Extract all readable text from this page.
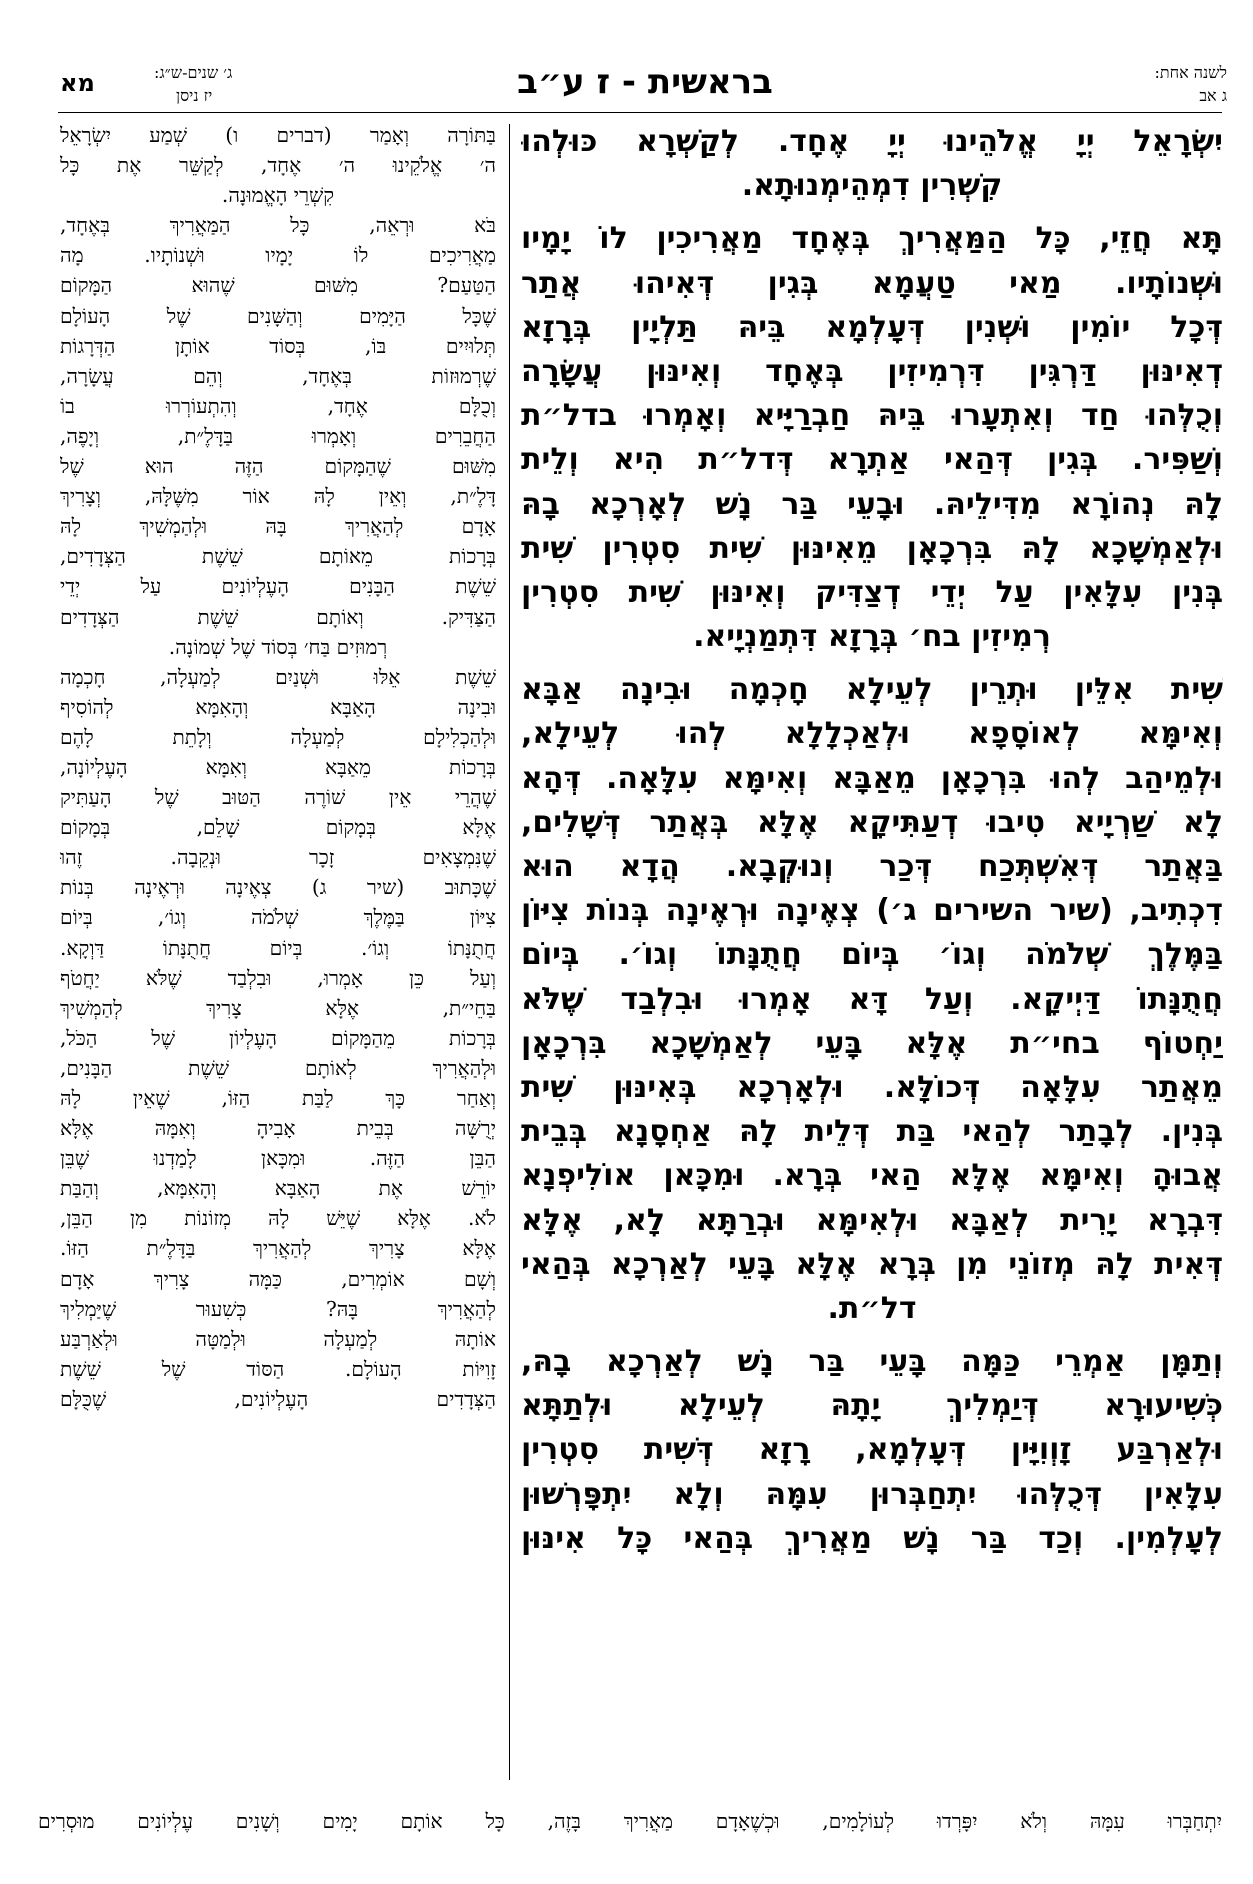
לשנה אחת:
ג אב
בראשית - ז ע״ב
ג׳ שנים-ש״ג:
יז ניסן
מא
יִשְׂרָאֵל יְיָ אֱלֹהֵינוּ יְיָ אֶחָד. לְקַשְׁרָא כּוּלְהוּ
קִשְׁרִין דִמְהֵימְנוּתָא.
תָּא חֲזֵי, כָּל הַמַּאֲרִיךְ בְּאֶחָד מַאֲרִיכִין לוֹ יָמָיו
וּשְׁנוֹתָיו. מַאי טַעֲמָא בְּגִין דְּאִיהוּ אֲתַר
דְּכָל יוֹמִין וּשְׁנִין דְּעָלְמָא בֵּיהּ תַּלְיָין בְּרָזָא
דְאִינּוּן דַּרְגִּין דִּרְמִיזִין בְּאֶחָד וְאִינּוּן עֲשָׂרָה
וְכֻלְּהוּ חַד וְאִתְעָרוּ בֵּיהּ חַבְרַיָּיא וְאָמְרוּ בדל״ת
וְשַׁפִּיר. בְּגִין דְּהַאי אַתְרָא דְּדל״ת הִיא וְלֵית
לָהּ נְהוֹרָא מִדִּילֵיהּ. וּבָעֵי בַּר נָשׁ לְאָרְכָא בָהּ
וּלְאַמְשָׁכָא לָהּ בִּרְכָאָן מֵאִינּוּן שִׁית סִטְרִין שִׁית
בְּנִין עִלָּאִין עַל יְדֵי דְצַדִּיק וְאִינּוּן שִׁית סִטְרִין
רְמִיזִין בח׳ בְּרָזָא דִּתְמַנְיָיא.
שִׁית אִלֵּין וּתְרֵין לְעֵילָא חָכְמָה וּבִינָה אַבָּא
וְאִימָּא לְאוֹסָפָא וּלְאַכְלָלָא לְהוּ לְעֵילָא,
וּלְמֵיהַב לְהוּ בִּרְכָאָן מֵאַבָּא וְאִימָּא עִלָּאָה. דְּהָא
לָא שַׁרְיָיא טִיבוּ דְעַתִּיקָא אֶלָּא בְּאֲתַר דְּשָׁלִים,
בַּאֲתַר דְּאִשְׁתְּכַח דְּכַר וְנוּקְבָא. הֲדָא הוּא
דִכְתִיב, (שיר השירים ג׳) צְאֶינָה וּרְאֶינָה בְּנוֹת צִיּוֹן
בַּמֶּלֶךְ שְׁלֹמֹה וְגוֹ׳ בְּיוֹם חֲתֻנָּתוֹ וְגוֹ׳. בְּיוֹם
חֲתֻנָּתוֹ דַּיְיקָא. וְעַל דָּא אָמְרוּ וּבִלְבַד שֶׁלֹּא
יַחְטוֹף בחי״ת אֶלָּא בָּעֵי לְאַמְשָׁכָא בִּרְכָאָן
מֵאֲתַר עִלָּאָה דְּכוֹלָּא. וּלְאָרְכָא בְּאִינּוּן שִׁית
בְּנִין. לְבָתַר לְהַאי בַּת דְּלֵית לָהּ אַחְסָנָא בְּבֵית
אֲבוּהָ וְאִימָּא אֶלָּא הַאי בְּרָא. וּמִכָּאן אוֹלִיפְנָא
דִּבְרָא יָרִית לְאַבָּא וּלְאִימָּא וּבְרַתָּא לָא, אֶלָּא
דְּאִית לָהּ מְזוֹנֵי מִן בְּרָא אֶלָּא בָּעֵי לְאַרְכָא בְּהַאי
דל״ת.
וְתַמָּן אַמְרֵי כַּמָּה בָּעֵי בַּר נָשׁ לְאַרְכָא בָהּ,
כְּשִׁיעוּרָא דְּיַמְלִיךְ יָתָהּ לְעֵילָא וּלְתַתָּא
וּלְאַרְבַּע זָוְוִיָּין דְּעָלְמָא, רָזָא דְּשִׁית סִטְרִין
עִלָּאִין דְּכֻלְּהוּ יִתְחַבְּרוּן עִמָּהּ וְלָא יִתְפָּרְשׁוּן
לְעָלְמִין. וְכַד בַּר נָשׁ מַאֲרִיךְ בְּהַאי כָּל אִינּוּן
בַּתּוֹרָה וְאָמַר (דברים ו) שְׁמַע יִשְׂרָאֵל
ה׳ אֱלֹקֵינוּ ה׳ אֶחָד, לְקַשֵּׁר אֶת כָּל
קִשְׁרֵי הָאֱמוּנָה.
בֹּא וּרְאֵה, כָּל הַמַּאֲרִיךְ בְּאֶחָד,
מַאֲרִיכִים לוֹ יָמָיו וּשְׁנוֹתָיו. מָה
הַטַּעַם? מִשּׁוּם שֶׁהוּא הַמָּקוֹם
שֶׁכָּל הַיָּמִים וְהַשָּׁנִים שֶׁל הָעוֹלָם
תְּלוּיִים בּוֹ, בְּסוֹד אוֹתָן הַדְּרָגוֹת
שֶׁרְמוּזוֹת בְּאֶחָד, וְהֵם עֲשָׂרָה,
וְכֻלָּם אֶחָד, וְהִתְעוֹרְרוּ בוֹ
הַחֲבֵרִים וְאָמְרוּ בַּדָּלֶ״ת, וְיָפֶה,
מִשּׁוּם שֶׁהַמָּקוֹם הַזֶּה הוּא שֶׁל
דָּלֶ״ת, וְאֵין לָהּ אוֹר מִשֶּׁלָּהּ, וְצָרִיךְ
אָדָם לְהַאֲרִיךְ בָּהּ וּלְהַמְשִׁיךְ לָהּ
בְּרָכוֹת מֵאוֹתָם שֵׁשֶׁת הַצְּדָדִים,
שֵׁשֶׁת הַבָּנִים הָעֶלְיוֹנִים עַל יְדֵי
הַצַּדִּיק. וְאוֹתָם שֵׁשֶׁת הַצְּדָדִים
רְמוּזִים בַּח׳ בְּסוֹד שֶׁל שְׁמוֹנָה.
שֵׁשֶׁת אֵלּוּ וּשְׁנַיִם לְמַעְלָה, חָכְמָה
וּבִינָה הָאַבָּא וְהָאִמָּא לְהוֹסִיף
וּלְהַכְלִילָם לְמַעְלָה וְלָתֵת לָהֶם
בְּרָכוֹת מֵאַבָּא וְאִמָּא הָעֶלְיוֹנָה,
שֶׁהֲרֵי אֵין שׁוֹרֶה הַטּוּב שֶׁל הָעַתִּיק
אֶלָּא בְּמָקוֹם שָׁלֵם, בְּמָקוֹם
שֶׁנִּמְצָאִים זָכָר וּנְקֵבָה. זֶהוּ
שֶׁכָּתוּב (שיר ג) צְאֶינָה וּרְאֶינָה בְּנוֹת
צִיּוֹן בַּמֶּלֶךְ שְׁלֹמֹה וְגוֹ׳, בְּיוֹם
חֲתֻנָּתוֹ וְגוֹ׳. בְּיוֹם חֲתֻנָּתוֹ דַּוְקָא.
וְעַל כֵּן אָמְרוּ, וּבִלְבַד שֶׁלֹּא יַחֲטֹף
בַּחֵי״ת, אֶלָּא צָרִיךְ לְהַמְשִׁיךְ
בְּרָכוֹת מֵהַמָּקוֹם הָעֶלְיוֹן שֶׁל הַכֹּל,
וּלְהַאֲרִיךְ לְאוֹתָם שֵׁשֶׁת הַבָּנִים,
וְאַחַר כָּךְ לַבַּת הַזּוֹ, שֶׁאֵין לָהּ
יְרֻשָּׁה בְּבֵית אָבִיהָ וְאִמָּהּ אֶלָּא
הַבֵּן הַזֶּה. וּמִכָּאן לָמַדְנוּ שֶׁבֵּן
יוֹרֵשׁ אֶת הָאַבָּא וְהָאִמָּא, וְהַבַּת
לֹא. אֶלָּא שֶׁיֵּשׁ לָהּ מְזוֹנוֹת מִן הַבֵּן,
אֶלָּא צָרִיךְ לְהַאֲרִיךְ בַּדָּלֶ״ת הַזּוֹ.
וְשָׁם אוֹמְרִים, כַּמָּה צָרִיךְ אָדָם
לְהַאֲרִיךְ בָּהּ? כְּשִׁעוּר שֶׁיַּמְלִיךְ
אוֹתָהּ לְמַעְלָה וּלְמַטָּה וּלְאַרְבַּע
זָוִיּוֹת הָעוֹלָם. הַסּוֹד שֶׁל שֵׁשֶׁת
הַצְּדָדִים הָעֶלְיוֹנִים, שֶׁכֻּלָּם
יִתְחַבְּרוּ עִמָּהּ וְלֹא יִפָּרְדוּ לְעוֹלָמִים, וּכְשֶׁאָדָם מַאֲרִיךְ בָּזֶה, כָּל אוֹתָם יָמִים וְשָׁנִים עֶלְיוֹנִים מוּסְרִים
